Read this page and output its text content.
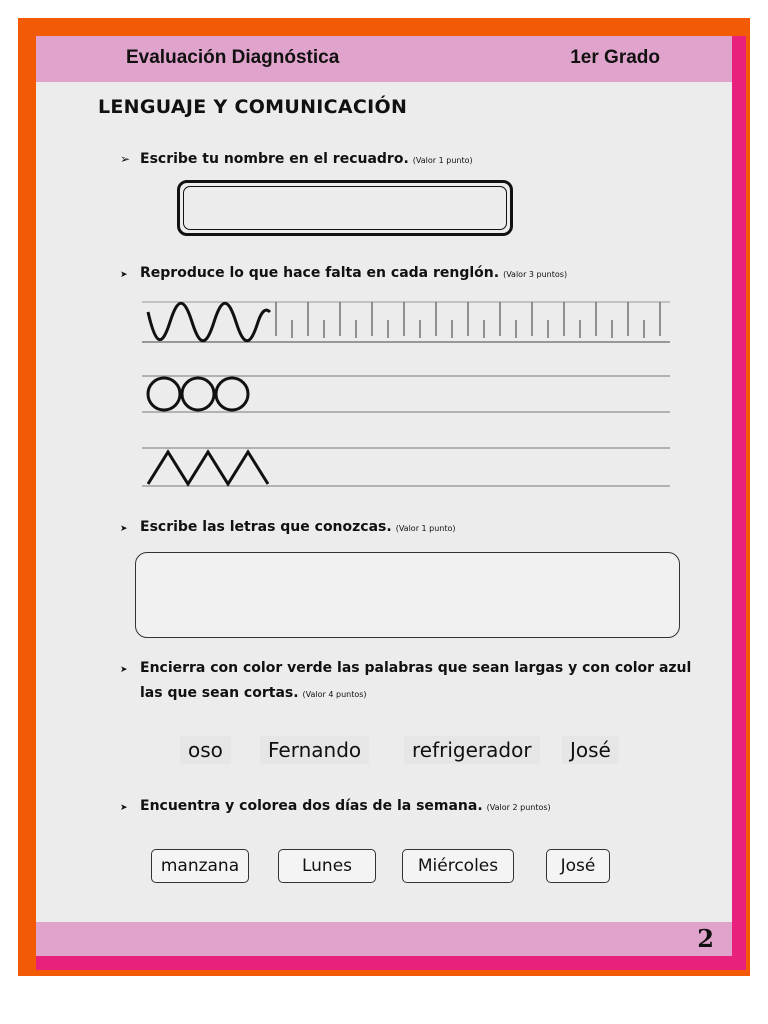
Evaluación Diagnóstica	1er Grado
LENGUAJE Y COMUNICACIÓN
➢ Escribe tu nombre en el recuadro. (Valor 1 punto)
➤ Reproduce lo que hace falta en cada renglón. (Valor 3 puntos)
➤ Escribe las letras que conozcas. (Valor 1 punto)
➤ Encierra con color verde las palabras que sean largas y con color azul
las que sean cortas. (Valor 4 puntos)
oso	Fernando	refrigerador	José
➤ Encuentra y colorea dos días de la semana. (Valor 2 puntos)
manzana	Lunes	Miércoles	José
2
